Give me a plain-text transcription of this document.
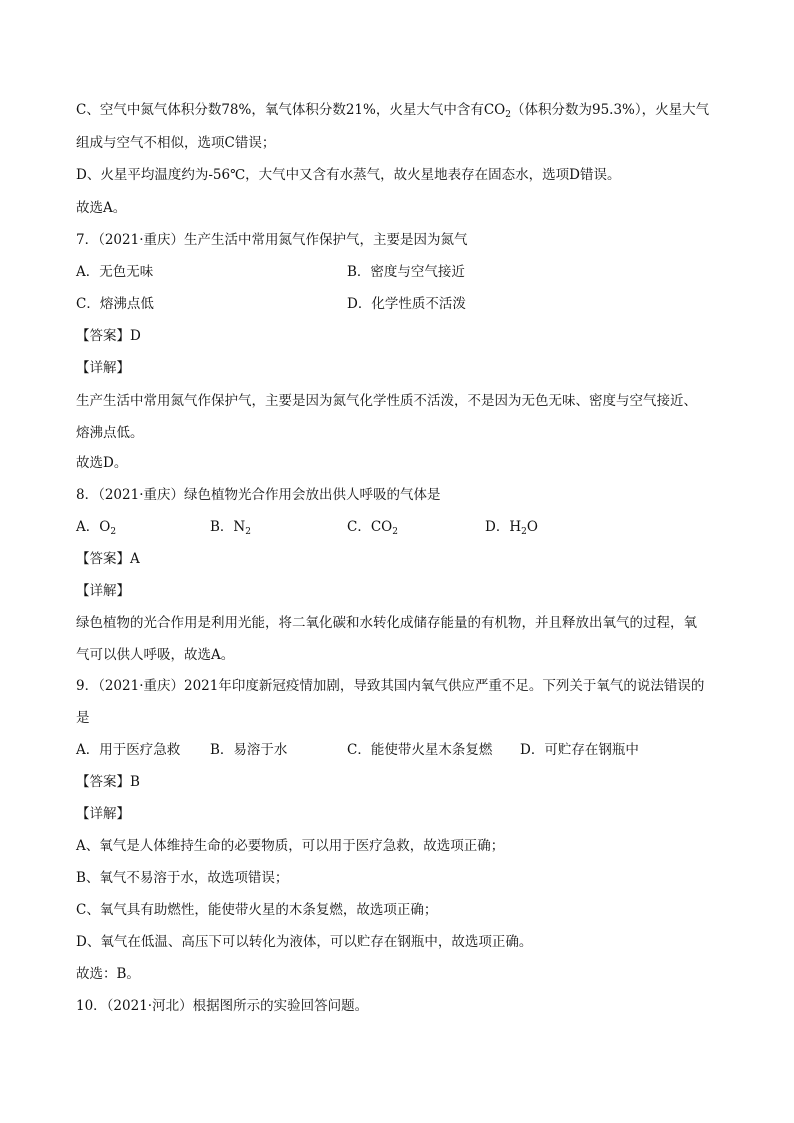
C、空气中氮气体积分数78%，氧气体积分数21%，火星大气中含有$CO_2$（体积分数为95.3%），火星大气
组成与空气不相似，选项C错误；
D、火星平均温度约为-56℃，大气中又含有水蒸气，故火星地表存在固态水，选项D错误。
故选A。
7．（2021·重庆）生产生活中常用氮气作保护气，主要是因为氮气
A．无色无味	B．密度与空气接近
C．熔沸点低	D．化学性质不活泼
【答案】D
【详解】
生产生活中常用氮气作保护气，主要是因为氮气化学性质不活泼，不是因为无色无味、密度与空气接近、
熔沸点低。
故选D。
8．（2021·重庆）绿色植物光合作用会放出供人呼吸的气体是
A．$O_2$	B．$N_2$	C．$CO_2$	D．$H_2O$
【答案】A
【详解】
绿色植物的光合作用是利用光能，将二氧化碳和水转化成储存能量的有机物，并且释放出氧气的过程，氧
气可以供人呼吸，故选A。
9．（2021·重庆）2021年印度新冠疫情加剧，导致其国内氧气供应严重不足。下列关于氧气的说法错误的
是
A．用于医疗急救 B．易溶于水	C．能使带火星木条复燃 D．可贮存在钢瓶中
【答案】B
【详解】
A、氧气是人体维持生命的必要物质，可以用于医疗急救，故选项正确；
B、氧气不易溶于水，故选项错误；
C、氧气具有助燃性，能使带火星的木条复燃，故选项正确；
D、氧气在低温、高压下可以转化为液体，可以贮存在钢瓶中，故选项正确。
故选：B。
10．（2021·河北）根据图所示的实验回答问题。
